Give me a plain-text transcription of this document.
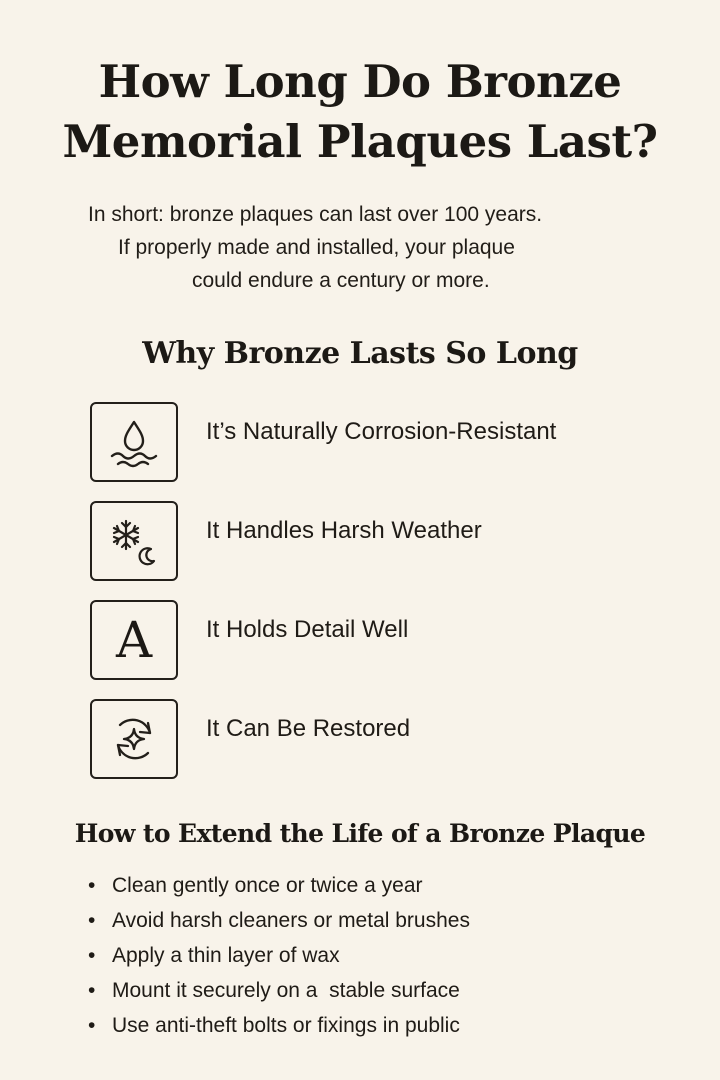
How Long Do Bronze
Memorial Plaques Last?
In short: bronze plaques can last over 100 years.
If properly made and installed, your plaque
could endure a century or more.
Why Bronze Lasts So Long
It’s Naturally Corrosion-Resistant
It Handles Harsh Weather
A It Holds Detail Well
It Can Be Restored
How to Extend the Life of a Bronze Plaque
• Clean gently once or twice a year
• Avoid harsh cleaners or metal brushes
• Apply a thin layer of wax
• Mount it securely on a  stable surface
• Use anti-theft bolts or fixings in public
